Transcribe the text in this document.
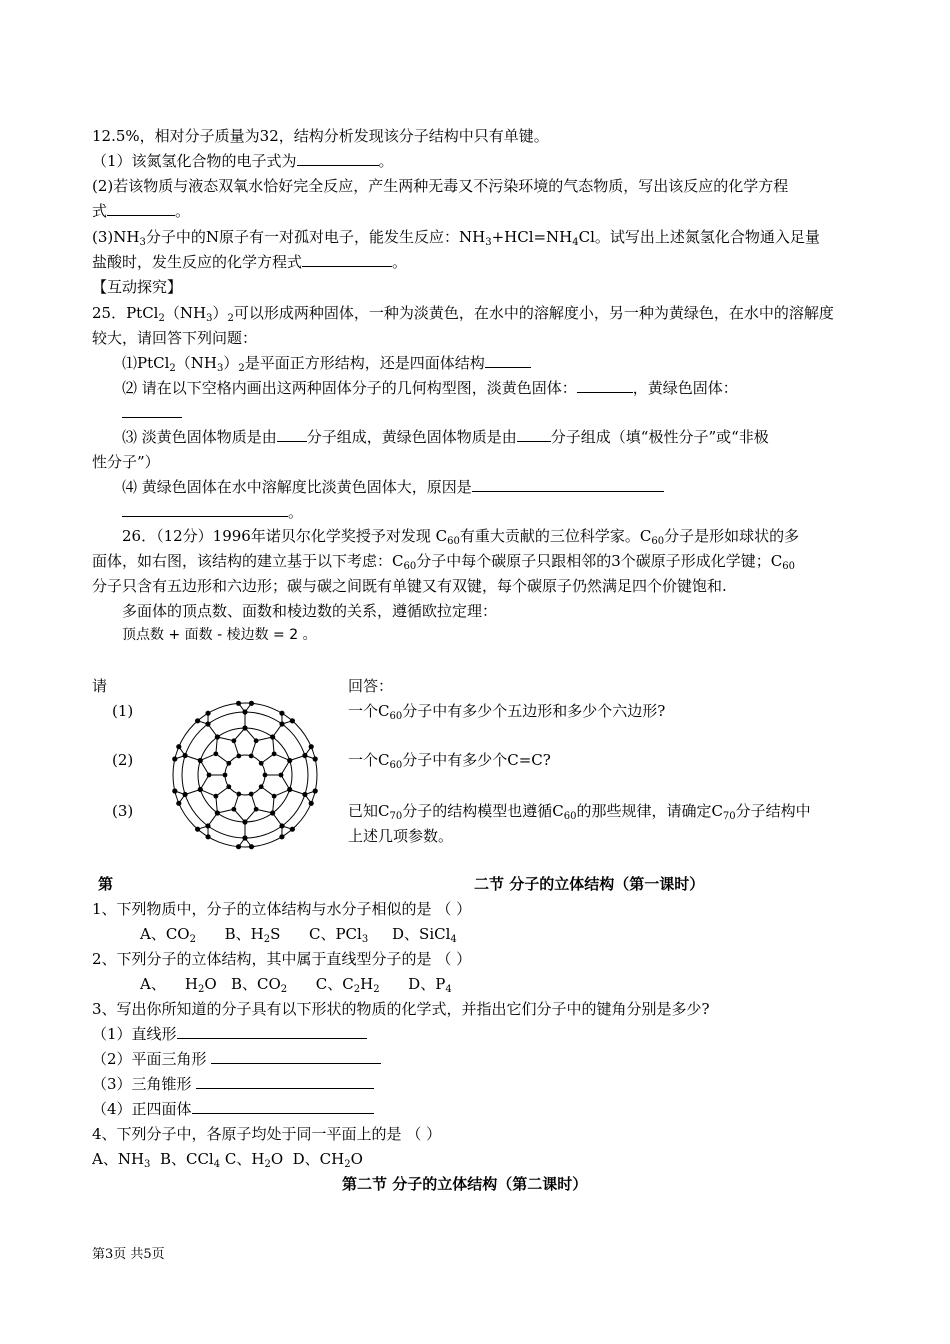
12.5%，相对分子质量为32，结构分析发现该分子结构中只有单键。
（1）该氮氢化合物的电子式为	。
(2)若该物质与液态双氧水恰好完全反应，产生两种无毒又不污染环境的气态物质，写出该反应的化学方程
式	。
$(3)NH_3$分子中的N原子有一对孤对电子，能发生反应：$NH_3+HCl=NH_4Cl$。试写出上述氮氢化合物通入足量
盐酸时，发生反应的化学方程式	。
【互动探究】
25．$PtCl_2(NH_3)_2$可以形成两种固体，一种为淡黄色，在水中的溶解度小，另一种为黄绿色，在水中的溶解度
较大，请回答下列问题：
$⑴PtCl_2(NH_3)_2$是平面正方形结构，还是四面体结构
⑵ 请在以下空格内画出这两种固体分子的几何构型图，淡黄色固体：	，黄绿色固体：
⑶ 淡黄色固体物质是由 分子组成，黄绿色固体物质是由 分子组成（填“极性分子”或“非极
性分子”）
⑷ 黄绿色固体在水中溶解度比淡黄色固体大，原因是
。
26．（12分）1996年诺贝尔化学奖授予对发现 $C_{60}$有重大贡献的三位科学家。$C_{60}$分子是形如球状的多
面体，如右图，该结构的建立基于以下考虑：$C_{60}$分子中每个碳原子只跟相邻的3个碳原子形成化学键；$C_{60}$
分子只含有五边形和六边形；碳与碳之间既有单键又有双键，每个碳原子仍然满足四个价键饱和.
多面体的顶点数、面数和棱边数的关系，遵循欧拉定理：
顶点数 + 面数 - 棱边数 = 2 。
请	回答：
(1)	一个$C_{60}$分子中有多少个五边形和多少个六边形?
(2)	一个$C_{60}$分子中有多少个C=C?
(3)	已知$C_{70}$分子的结构模型也遵循$C_{60}$的那些规律，请确定$C_{70}$分子结构中
上述几项参数。
第	二节 分子的立体结构（第一课时）
1、下列物质中，分子的立体结构与水分子相似的是 （ ）
A、$CO_2$      B、$H_2S$      C、PCl$_3$     D、SiCl$_4$
2、下列分子的立体结构，其中属于直线型分子的是 （ ）
A、    $H_2O$   B、$CO_2$      C、$C_2H_2$      D、$P_4$
3、写出你所知道的分子具有以下形状的物质的化学式，并指出它们分子中的键角分别是多少?
（1）直线形
（2）平面三角形
（3）三角锥形
（4）正四面体
4、下列分子中，各原子均处于同一平面上的是 （ ）
A、$NH_3$  B、CCl$_4$ C、$H_2O$  D、$CH_2O$
第二节 分子的立体结构（第二课时）
第3页 共5页
